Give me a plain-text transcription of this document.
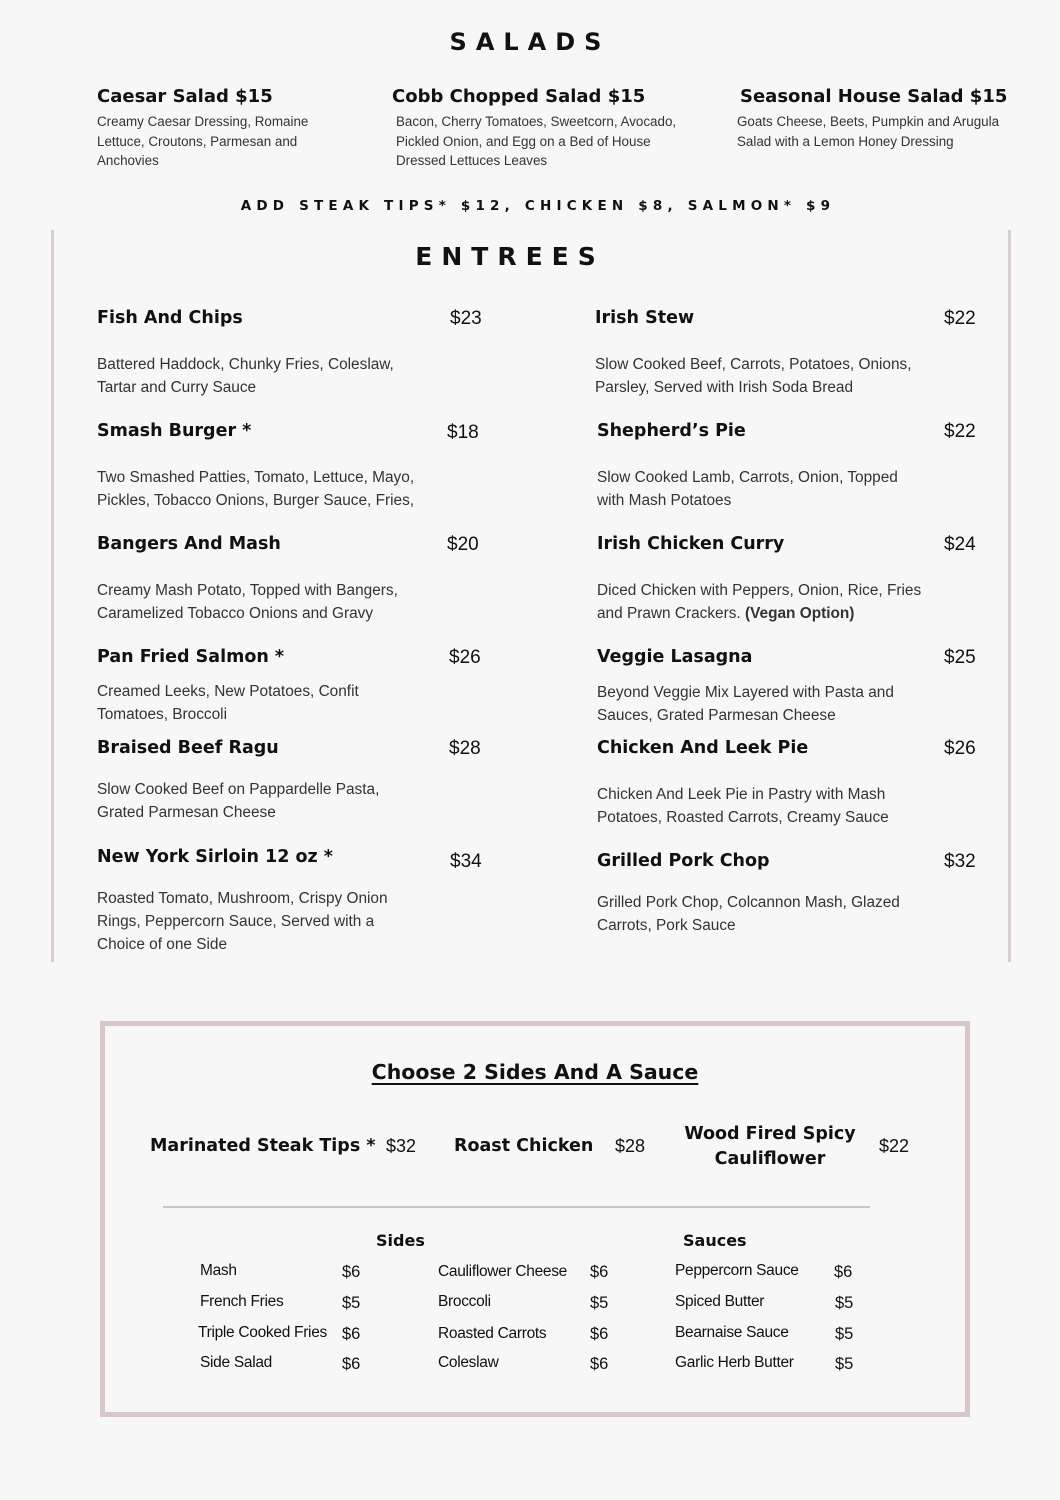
SALADS
Caesar Salad $15
Creamy Caesar Dressing, Romaine Lettuce, Croutons, Parmesan and Anchovies
Cobb Chopped Salad $15
Bacon, Cherry Tomatoes, Sweetcorn, Avocado, Pickled Onion, and Egg on a Bed of House Dressed Lettuces Leaves
Seasonal House Salad $15
Goats Cheese, Beets, Pumpkin and Arugula Salad with a Lemon Honey Dressing
ADD STEAK TIPS* $12, CHICKEN $8, SALMON* $9
ENTREES
Fish And Chips	$23
Battered Haddock, Chunky Fries, Coleslaw, Tartar and Curry Sauce
Irish Stew	$22
Slow Cooked Beef, Carrots, Potatoes, Onions, Parsley, Served with Irish Soda Bread
Smash Burger *	$18
Two Smashed Patties, Tomato, Lettuce, Mayo, Pickles, Tobacco Onions, Burger Sauce, Fries,
Shepherd’s Pie	$22
Slow Cooked Lamb, Carrots, Onion, Topped with Mash Potatoes
Bangers And Mash	$20
Creamy Mash Potato, Topped with Bangers, Caramelized Tobacco Onions and Gravy
Irish Chicken Curry	$24
Diced Chicken with Peppers, Onion, Rice, Fries and Prawn Crackers. (Vegan Option)
Pan Fried Salmon *	$26
Creamed Leeks, New Potatoes, Confit Tomatoes, Broccoli
Veggie Lasagna	$25
Beyond Veggie Mix Layered with Pasta and Sauces, Grated Parmesan Cheese
Braised Beef Ragu	$28
Slow Cooked Beef on Pappardelle Pasta, Grated Parmesan Cheese
Chicken And Leek Pie	$26
Chicken And Leek Pie in Pastry with Mash Potatoes, Roasted Carrots, Creamy Sauce
New York Sirloin 12 oz *	$34
Roasted Tomato, Mushroom, Crispy Onion Rings, Peppercorn Sauce, Served with a Choice of one Side
Grilled Pork Chop	$32
Grilled Pork Chop, Colcannon Mash, Glazed Carrots, Pork Sauce
Choose 2 Sides And A Sauce
Marinated Steak Tips * $32 Roast Chicken $28
Wood Fired Spicy Cauliflower
$22
Sides	Sauces
Mash	$6
French Fries	$5
Triple Cooked Fries $6
Side Salad	$6
Cauliflower Cheese $6
Broccoli	$5
Roasted Carrots	$6
Coleslaw	$6
Peppercorn Sauce $6
Spiced Butter	$5
Bearnaise Sauce	$5
Garlic Herb Butter	$5
